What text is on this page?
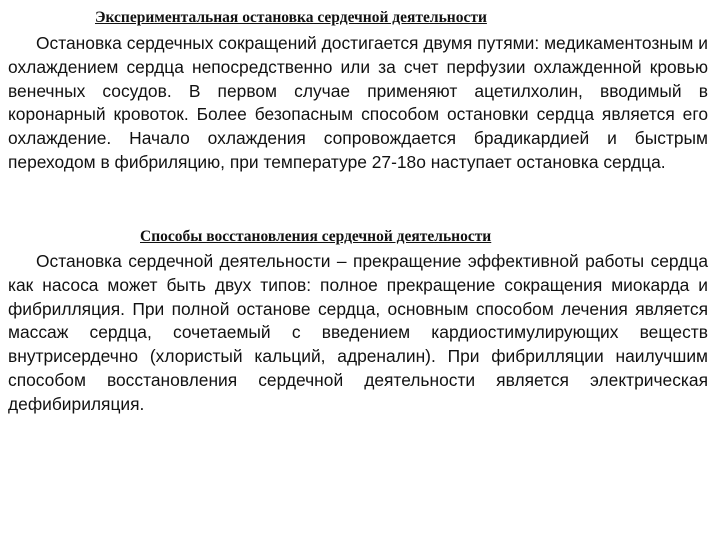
Экспериментальная остановка сердечной деятельности

Остановка сердечных сокращений достигается двумя путями: медикаментозным и охлаждением сердца непосредственно или за счет перфузии охлажденной кровью венечных сосудов. В первом случае применяют ацетилхолин, вводимый в коронарный кровоток. Более безопасным способом остановки сердца является его охлаждение. Начало охлаждения сопровождается брадикардией и быстрым переходом в фибриляцию, при температуре 27-18о наступает остановка сердца.

Способы восстановления сердечной деятельности

Остановка сердечной деятельности – прекращение эффективной работы сердца как насоса может быть двух типов: полное прекращение сокращения миокарда и фибрилляция. При полной останове сердца, основным способом лечения является массаж сердца, сочетаемый с введением кардиостимулирующих веществ внутрисердечно (хлористый кальций, адреналин). При фибрилляции наилучшим способом восстановления сердечной деятельности является электрическая дефибириляция.
